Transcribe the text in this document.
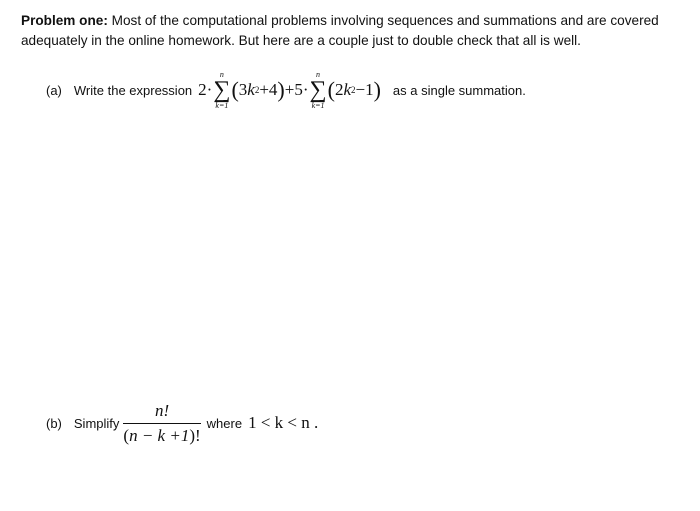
Problem one: Most of the computational problems involving sequences and summations and are covered adequately in the online homework. But here are a couple just to double check that all is well.
(a) Write the expression 2 ·
n
∑
k=1
( 3 k 2 +4 ) + 5 ·
n
∑
k=1
( 2 k 2 −1 ) as a single summation.
(b) Simplify $\frac{n!}{(n - k +1)!}$ where 1 < k < n .
